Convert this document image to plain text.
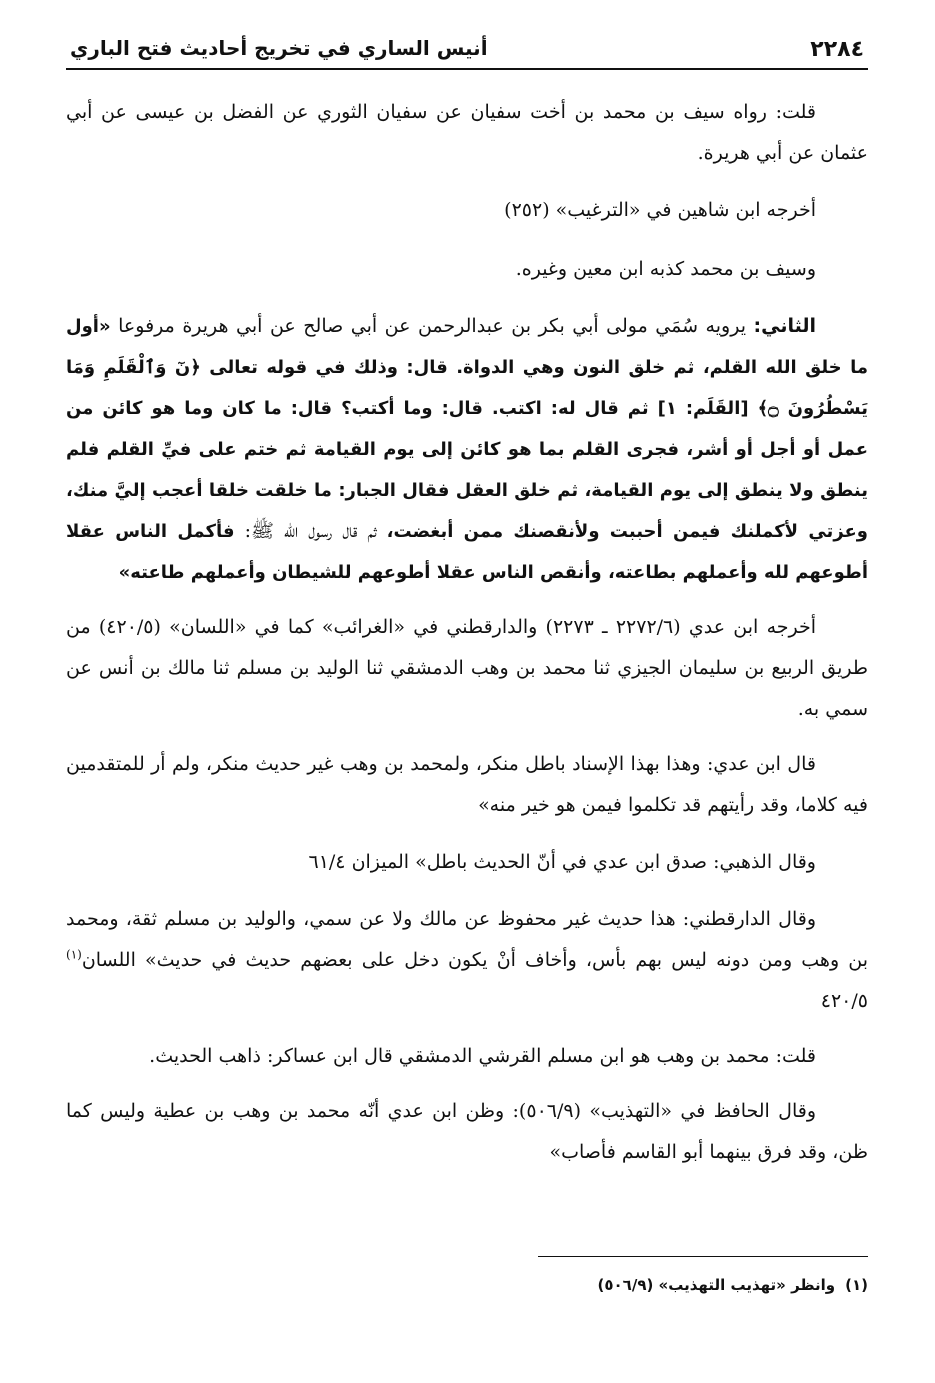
٢٢٨٤
أنيس الساري في تخريج أحاديث فتح الباري

قلت: رواه سيف بن محمد بن أخت سفيان عن سفيان الثوري عن الفضل بن عيسى عن أبي عثمان عن أبي هريرة.

أخرجه ابن شاهين في «الترغيب» (٢٥٢)

وسيف بن محمد كذبه ابن معين وغيره.

الثاني: يرويه سُمَي مولى أبي بكر بن عبدالرحمن عن أبي صالح عن أبي هريرة مرفوعا «أول ما خلق الله القلم، ثم خلق النون وهي الدواة. قال: وذلك في قوله تعالى ﴿نٓ وَٱلْقَلَمِ وَمَا يَسْطُرُونَ ۝﴾ [القَلَم: ١] ثم قال له: اكتب. قال: وما أكتب؟ قال: ما كان وما هو كائن من عمل أو أجل أو أشر، فجرى القلم بما هو كائن إلى يوم القيامة ثم ختم على فيِّ القلم فلم ينطق ولا ينطق إلى يوم القيامة، ثم خلق العقل فقال الجبار: ما خلقت خلقا أعجب إليَّ منك، وعزتي لأكملنك فيمن أحببت ولأنقصنك ممن أبغضت، ثم قال رسول الله ﷺ: فأكمل الناس عقلا أطوعهم لله وأعملهم بطاعته، وأنقص الناس عقلا أطوعهم للشيطان وأعملهم طاعته»

أخرجه ابن عدي (٢٢٧٢/٦ ـ ٢٢٧٣) والدارقطني في «الغرائب» كما في «اللسان» (٤٢٠/٥) من طريق الربيع بن سليمان الجيزي ثنا محمد بن وهب الدمشقي ثنا الوليد بن مسلم ثنا مالك بن أنس عن سمي به.

قال ابن عدي: وهذا بهذا الإسناد باطل منكر، ولمحمد بن وهب غير حديث منكر، ولم أر للمتقدمين فيه كلاما، وقد رأيتهم قد تكلموا فيمن هو خير منه»

وقال الذهبي: صدق ابن عدي في أنّ الحديث باطل» الميزان ٦١/٤

وقال الدارقطني: هذا حديث غير محفوظ عن مالك ولا عن سمي، والوليد بن مسلم ثقة، ومحمد بن وهب ومن دونه ليس بهم بأس، وأخاف أنْ يكون دخل على بعضهم حديث في حديث» اللسان$^{(١)}$ ٤٢٠/٥

قلت: محمد بن وهب هو ابن مسلم القرشي الدمشقي قال ابن عساكر: ذاهب الحديث.

وقال الحافظ في «التهذيب» (٥٠٦/٩): وظن ابن عدي أنّه محمد بن وهب بن عطية وليس كما ظن، وقد فرق بينهما أبو القاسم فأصاب»

(١)وانظر «تهذيب التهذيب» (٥٠٦/٩)
